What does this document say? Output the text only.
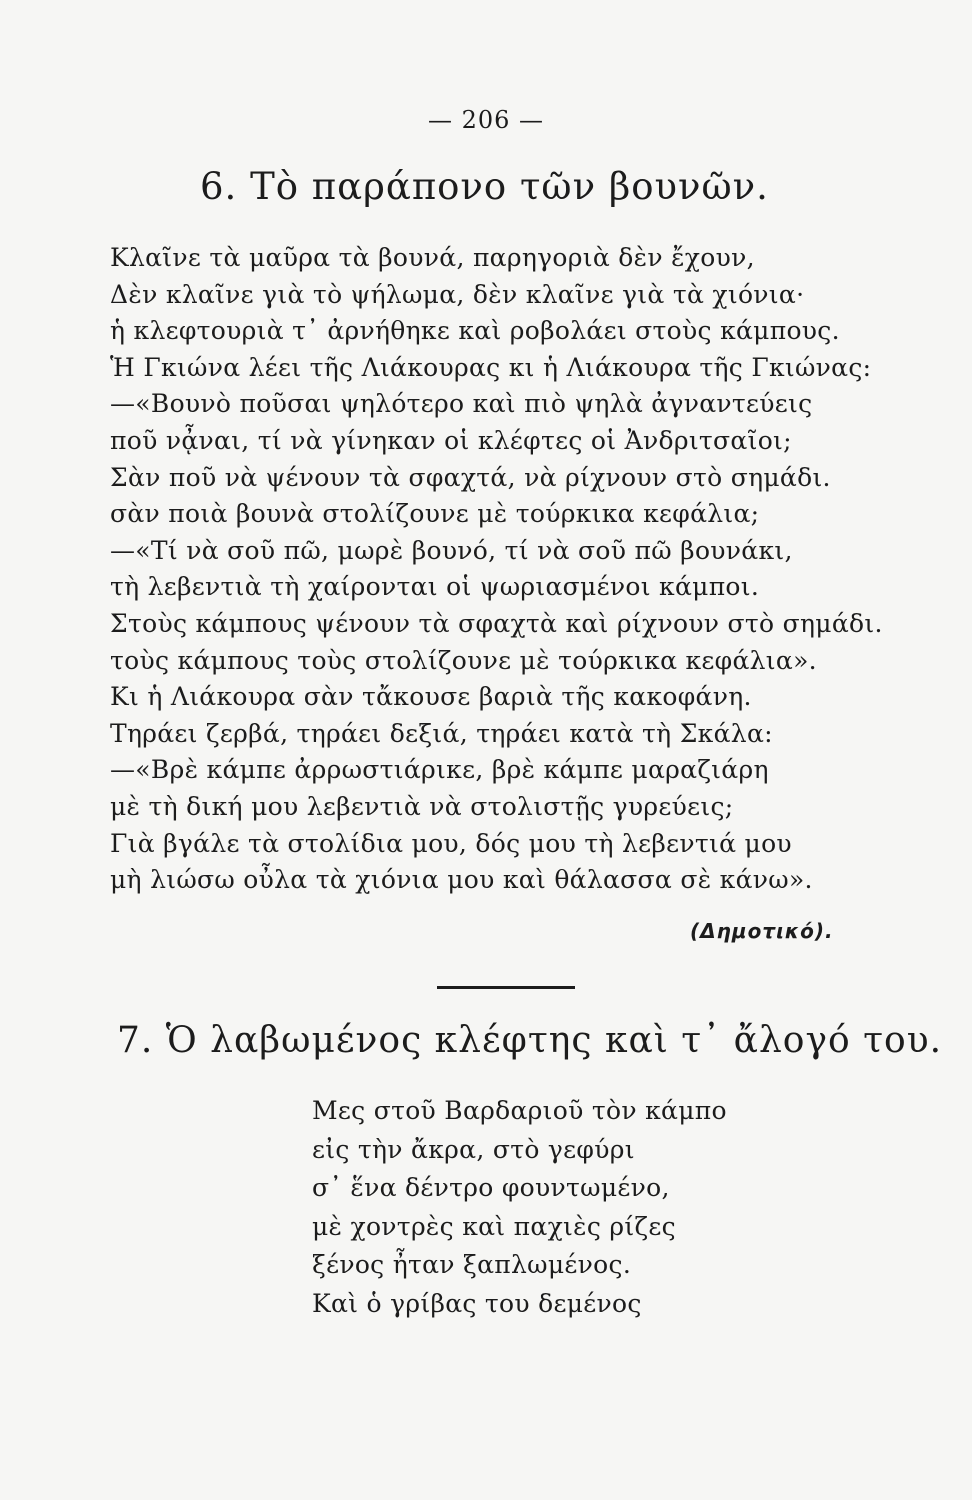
— 206 —
6. Τὸ παράπονο τῶν βουνῶν.
Κλαῖνε τὰ μαῦρα τὰ βουνά, παρηγοριὰ δὲν ἔχουν,
Δὲν κλαῖνε γιὰ τὸ ψήλωμα, δὲν κλαῖνε γιὰ τὰ χιόνια·
ἡ κλεφτουριὰ τ᾽ ἀρνήθηκε καὶ ροβολάει στοὺς κάμπους.
Ἡ Γκιώνα λέει τῆς Λιάκουρας κι ἡ Λιάκουρα τῆς Γκιώνας:
—«Βουνὸ ποῦσαι ψηλότερο καὶ πιὸ ψηλὰ ἀγναντεύεις
ποῦ νᾆναι, τί νὰ γίνηκαν οἱ κλέφτες οἱ Ἀνδριτσαῖοι;
Σὰν ποῦ νὰ ψένουν τὰ σφαχτά, νὰ ρίχνουν στὸ σημάδι.
σὰν ποιὰ βουνὰ στολίζουνε μὲ τούρκικα κεφάλια;
—«Τί νὰ σοῦ πῶ, μωρὲ βουνό, τί νὰ σοῦ πῶ βουνάκι,
τὴ λεβεντιὰ τὴ χαίρονται οἱ ψωριασμένοι κάμποι.
Στοὺς κάμπους ψένουν τὰ σφαχτὰ καὶ ρίχνουν στὸ σημάδι.
τοὺς κάμπους τοὺς στολίζουνε μὲ τούρκικα κεφάλια».
Κι ἡ Λιάκουρα σὰν τἄκουσε βαριὰ τῆς κακοφάνη.
Τηράει ζερβά, τηράει δεξιά, τηράει κατὰ τὴ Σκάλα:
—«Βρὲ κάμπε ἀρρωστιάρικε, βρὲ κάμπε μαραζιάρη
μὲ τὴ δική μου λεβεντιὰ νὰ στολιστῇς γυρεύεις;
Γιὰ βγάλε τὰ στολίδια μου, δός μου τὴ λεβεντιά μου
μὴ λιώσω οὖλα τὰ χιόνια μου καὶ θάλασσα σὲ κάνω».
(Δημοτικό).
7. Ὁ λαβωμένος κλέφτης καὶ τ᾽ ἄλογό του.
Μες στοῦ Βαρδαριοῦ τὸν κάμπο
εἰς τὴν ἄκρα, στὸ γεφύρι
σ᾽ ἕνα δέντρο φουντωμένο,
μὲ χοντρὲς καὶ παχιὲς ρίζες
ξένος ἦταν ξαπλωμένος.
Καὶ ὁ γρίβας του δεμένος
